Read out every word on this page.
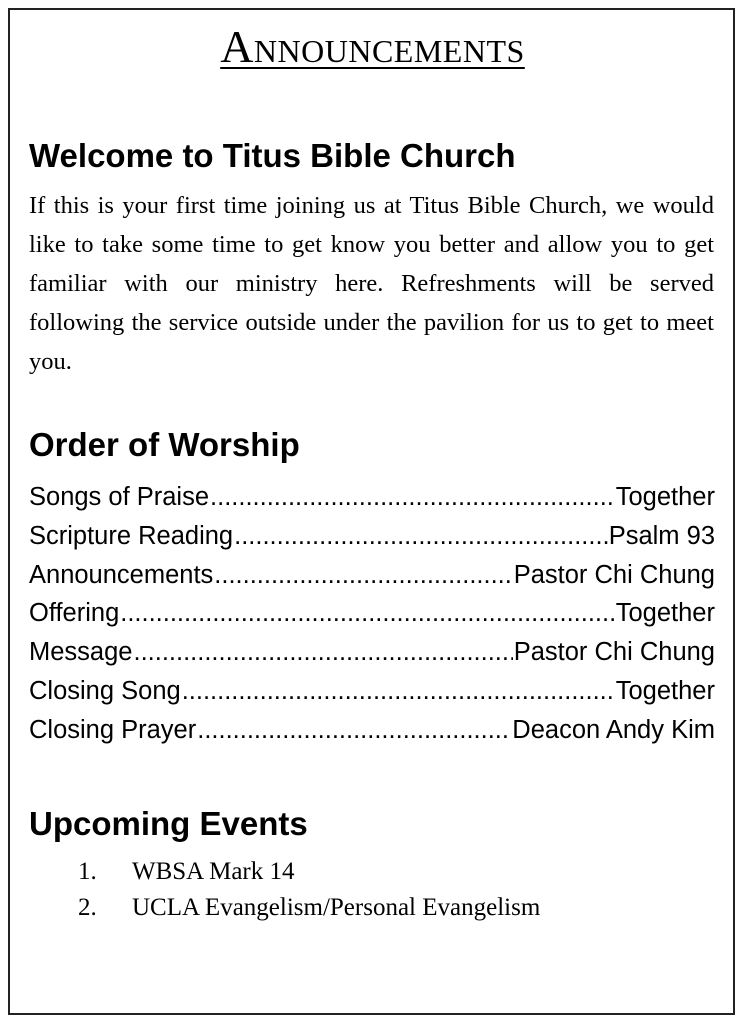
Announcements
Welcome to Titus Bible Church

If this is your first time joining us at Titus Bible Church, we would like to take some time to get know you better and allow you to get familiar with our ministry here. Refreshments will be served following the service outside under the pavilion for us to get to meet you.

Order of Worship
Songs of Praise .....	Together
Scripture Reading .....	Psalm 93
Announcements .....	Pastor Chi Chung
Offering .....	Together
Message .....	Pastor Chi Chung
Closing Song .....	Together
Closing Prayer .....	Deacon Andy Kim
Upcoming Events
1.	WBSA Mark 14
2.	UCLA Evangelism/Personal Evangelism
